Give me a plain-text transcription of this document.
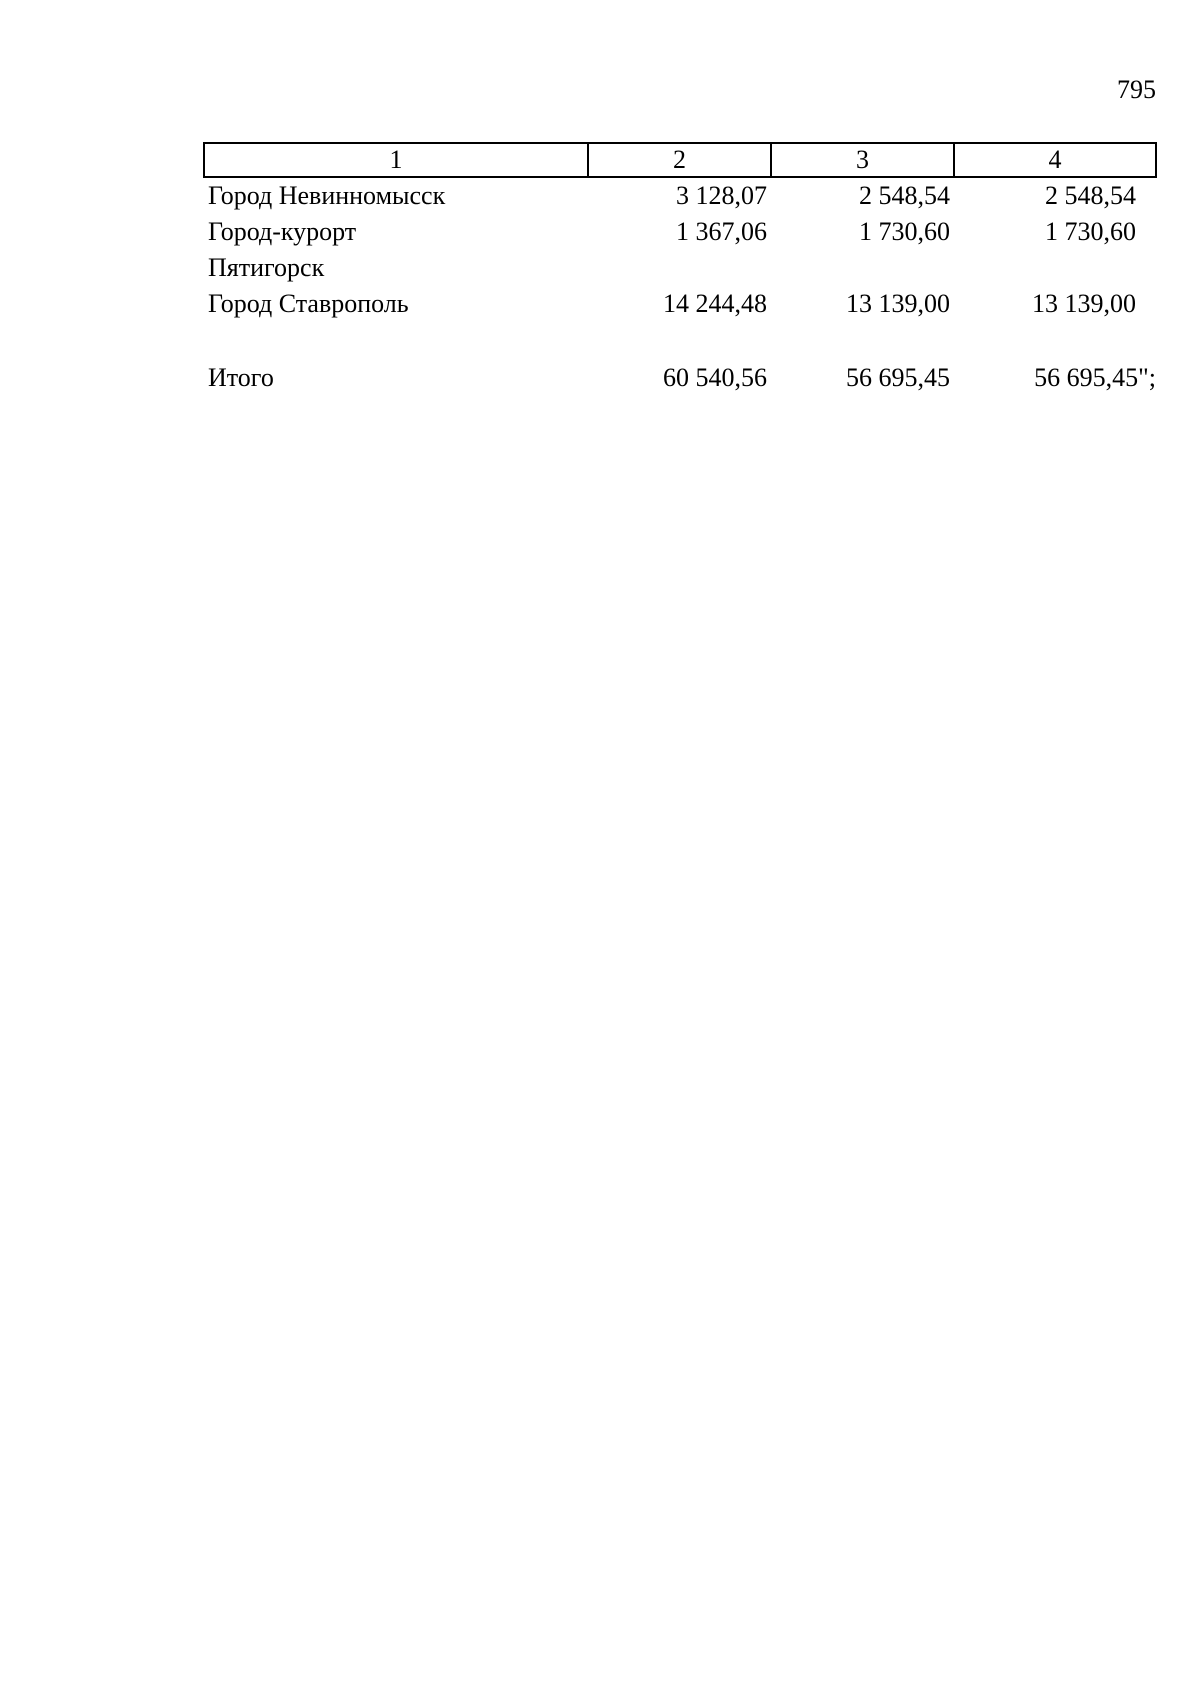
795
1	2	3	4
Город Невинномысск	3 128,07	2 548,54	2 548,54
Город-курорт
Пятигорск	1 367,06	1 730,60	1 730,60
Город Ставрополь	14 244,48	13 139,00	13 139,00

Итого	60 540,56	56 695,45	56 695,45";
